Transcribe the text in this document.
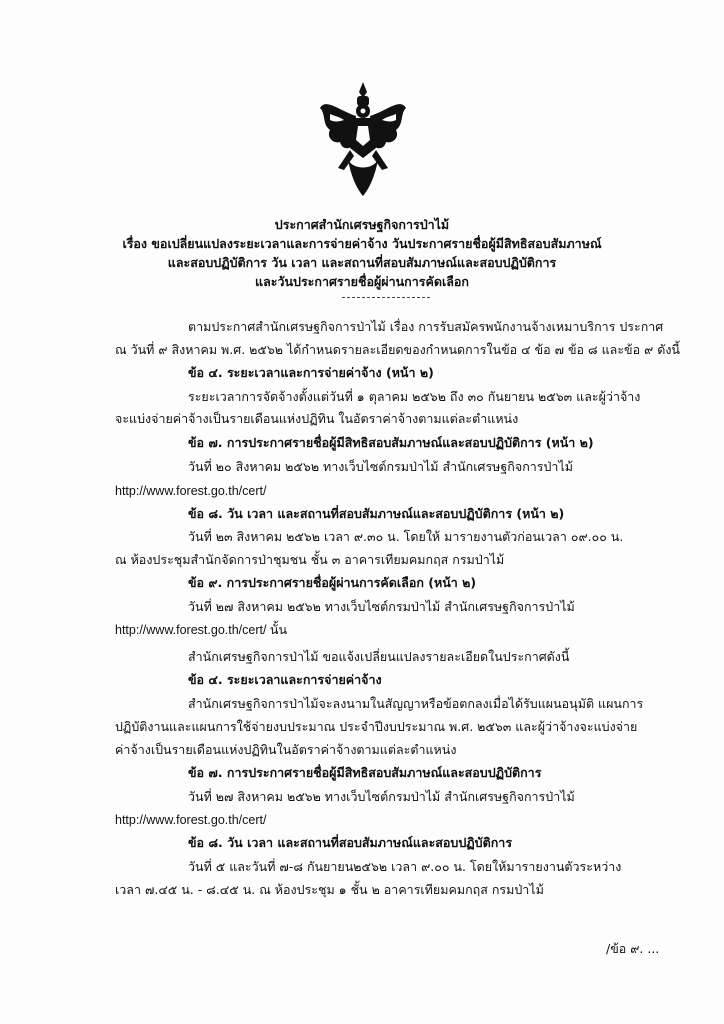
ประกาศสำนักเศรษฐกิจการป่าไม้
เรื่อง ขอเปลี่ยนแปลงระยะเวลาและการจ่ายค่าจ้าง วันประกาศรายชื่อผู้มีสิทธิสอบสัมภาษณ์
และสอบปฏิบัติการ วัน เวลา และสถานที่สอบสัมภาษณ์และสอบปฏิบัติการ
และวันประกาศรายชื่อผู้ผ่านการคัดเลือก
ตามประกาศสำนักเศรษฐกิจการป่าไม้ เรื่อง การรับสมัครพนักงานจ้างเหมาบริการ ประกาศ
ณ วันที่ ๙ สิงหาคม พ.ศ. ๒๕๖๒ ได้กำหนดรายละเอียดของกำหนดการในข้อ ๔ ข้อ ๗ ข้อ ๘ และข้อ ๙ ดังนี้
ข้อ ๔. ระยะเวลาและการจ่ายค่าจ้าง (หน้า ๒)
ระยะเวลาการจัดจ้างตั้งแต่วันที่ ๑ ตุลาคม ๒๕๖๒ ถึง ๓๐ กันยายน ๒๕๖๓ และผู้ว่าจ้าง
จะแบ่งจ่ายค่าจ้างเป็นรายเดือนแห่งปฏิทิน ในอัตราค่าจ้างตามแต่ละตำแหน่ง
ข้อ ๗. การประกาศรายชื่อผู้มีสิทธิสอบสัมภาษณ์และสอบปฏิบัติการ (หน้า ๒)
วันที่ ๒๐ สิงหาคม ๒๕๖๒ ทางเว็บไซต์กรมป่าไม้ สำนักเศรษฐกิจการป่าไม้
http://www.forest.go.th/cert/
ข้อ ๘. วัน เวลา และสถานที่สอบสัมภาษณ์และสอบปฏิบัติการ (หน้า ๒)
วันที่ ๒๓ สิงหาคม ๒๕๖๒ เวลา ๙.๓๐ น. โดยให้ มารายงานตัวก่อนเวลา ๐๙.๐๐ น.
ณ ห้องประชุมสำนักจัดการป่าชุมชน ชั้น ๓ อาคารเทียมคมกฤส กรมป่าไม้
ข้อ ๙. การประกาศรายชื่อผู้ผ่านการคัดเลือก (หน้า ๒)
วันที่ ๒๗ สิงหาคม ๒๕๖๒ ทางเว็บไซต์กรมป่าไม้ สำนักเศรษฐกิจการป่าไม้
http://www.forest.go.th/cert/ นั้น
สำนักเศรษฐกิจการป่าไม้ ขอแจ้งเปลี่ยนแปลงรายละเอียดในประกาศดังนี้
ข้อ ๔. ระยะเวลาและการจ่ายค่าจ้าง
สำนักเศรษฐกิจการป่าไม้จะลงนามในสัญญาหรือข้อตกลงเมื่อได้รับแผนอนุมัติ แผนการ
ปฏิบัติงานและแผนการใช้จ่ายงบประมาณ ประจำปีงบประมาณ พ.ศ. ๒๕๖๓ และผู้ว่าจ้างจะแบ่งจ่าย
ค่าจ้างเป็นรายเดือนแห่งปฏิทินในอัตราค่าจ้างตามแต่ละตำแหน่ง
ข้อ ๗. การประกาศรายชื่อผู้มีสิทธิสอบสัมภาษณ์และสอบปฏิบัติการ
วันที่ ๒๗ สิงหาคม ๒๕๖๒ ทางเว็บไซต์กรมป่าไม้ สำนักเศรษฐกิจการป่าไม้
http://www.forest.go.th/cert/
ข้อ ๘. วัน เวลา และสถานที่สอบสัมภาษณ์และสอบปฏิบัติการ
วันที่ ๕ และวันที่ ๗-๘ กันยายน๒๕๖๒ เวลา ๙.๐๐ น. โดยให้มารายงานตัวระหว่าง
เวลา ๗.๔๕ น. - ๘.๔๕ น. ณ ห้องประชุม ๑ ชั้น ๒ อาคารเทียมคมกฤส กรมป่าไม้
/ข้อ ๙. ...
